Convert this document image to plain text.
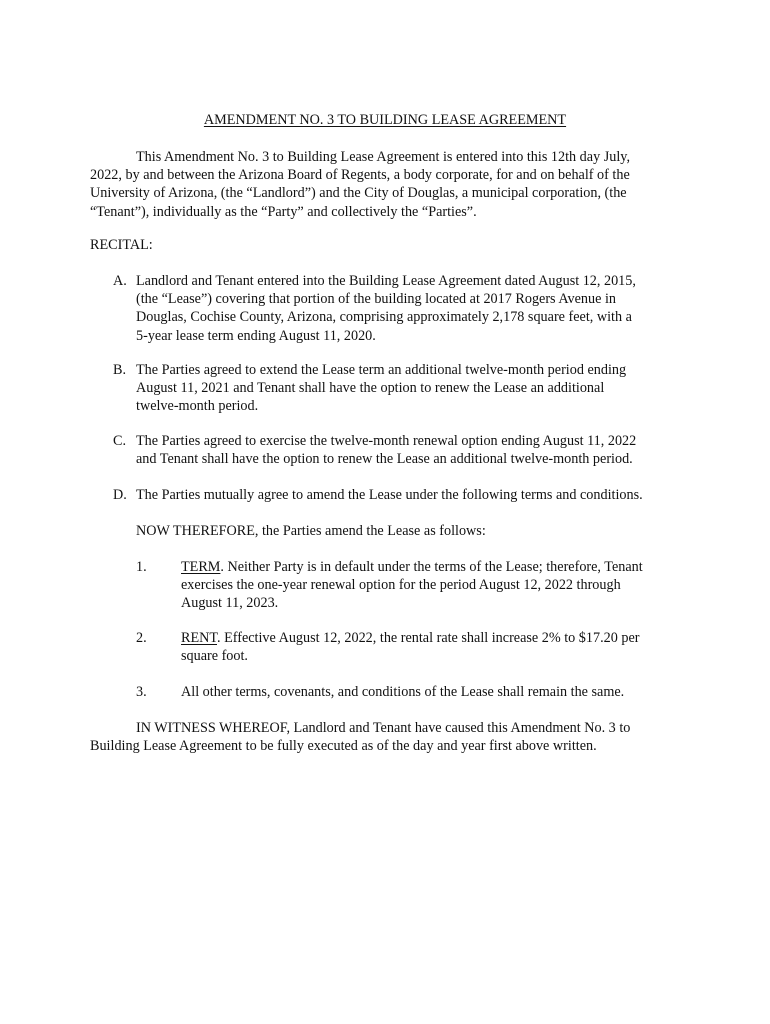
AMENDMENT NO. 3 TO BUILDING LEASE AGREEMENT
This Amendment No. 3 to Building Lease Agreement is entered into this 12th day July,
2022, by and between the Arizona Board of Regents, a body corporate, for and on behalf of the
University of Arizona, (the “Landlord”) and the City of Douglas, a municipal corporation, (the
“Tenant”), individually as the “Party” and collectively the “Parties”.
RECITAL:
A. Landlord and Tenant entered into the Building Lease Agreement dated August 12, 2015,
(the “Lease”) covering that portion of the building located at 2017 Rogers Avenue in
Douglas, Cochise County, Arizona, comprising approximately 2,178 square feet, with a
5-year lease term ending August 11, 2020.
B. The Parties agreed to extend the Lease term an additional twelve-month period ending
August 11, 2021 and Tenant shall have the option to renew the Lease an additional
twelve-month period.
C. The Parties agreed to exercise the twelve-month renewal option ending August 11, 2022
and Tenant shall have the option to renew the Lease an additional twelve-month period.
D. The Parties mutually agree to amend the Lease under the following terms and conditions.
NOW THEREFORE, the Parties amend the Lease as follows:
1. TERM. Neither Party is in default under the terms of the Lease; therefore, Tenant
exercises the one-year renewal option for the period August 12, 2022 through
August 11, 2023.
2. RENT. Effective August 12, 2022, the rental rate shall increase 2% to $17.20 per
square foot.
3. All other terms, covenants, and conditions of the Lease shall remain the same.
IN WITNESS WHEREOF, Landlord and Tenant have caused this Amendment No. 3 to
Building Lease Agreement to be fully executed as of the day and year first above written.
